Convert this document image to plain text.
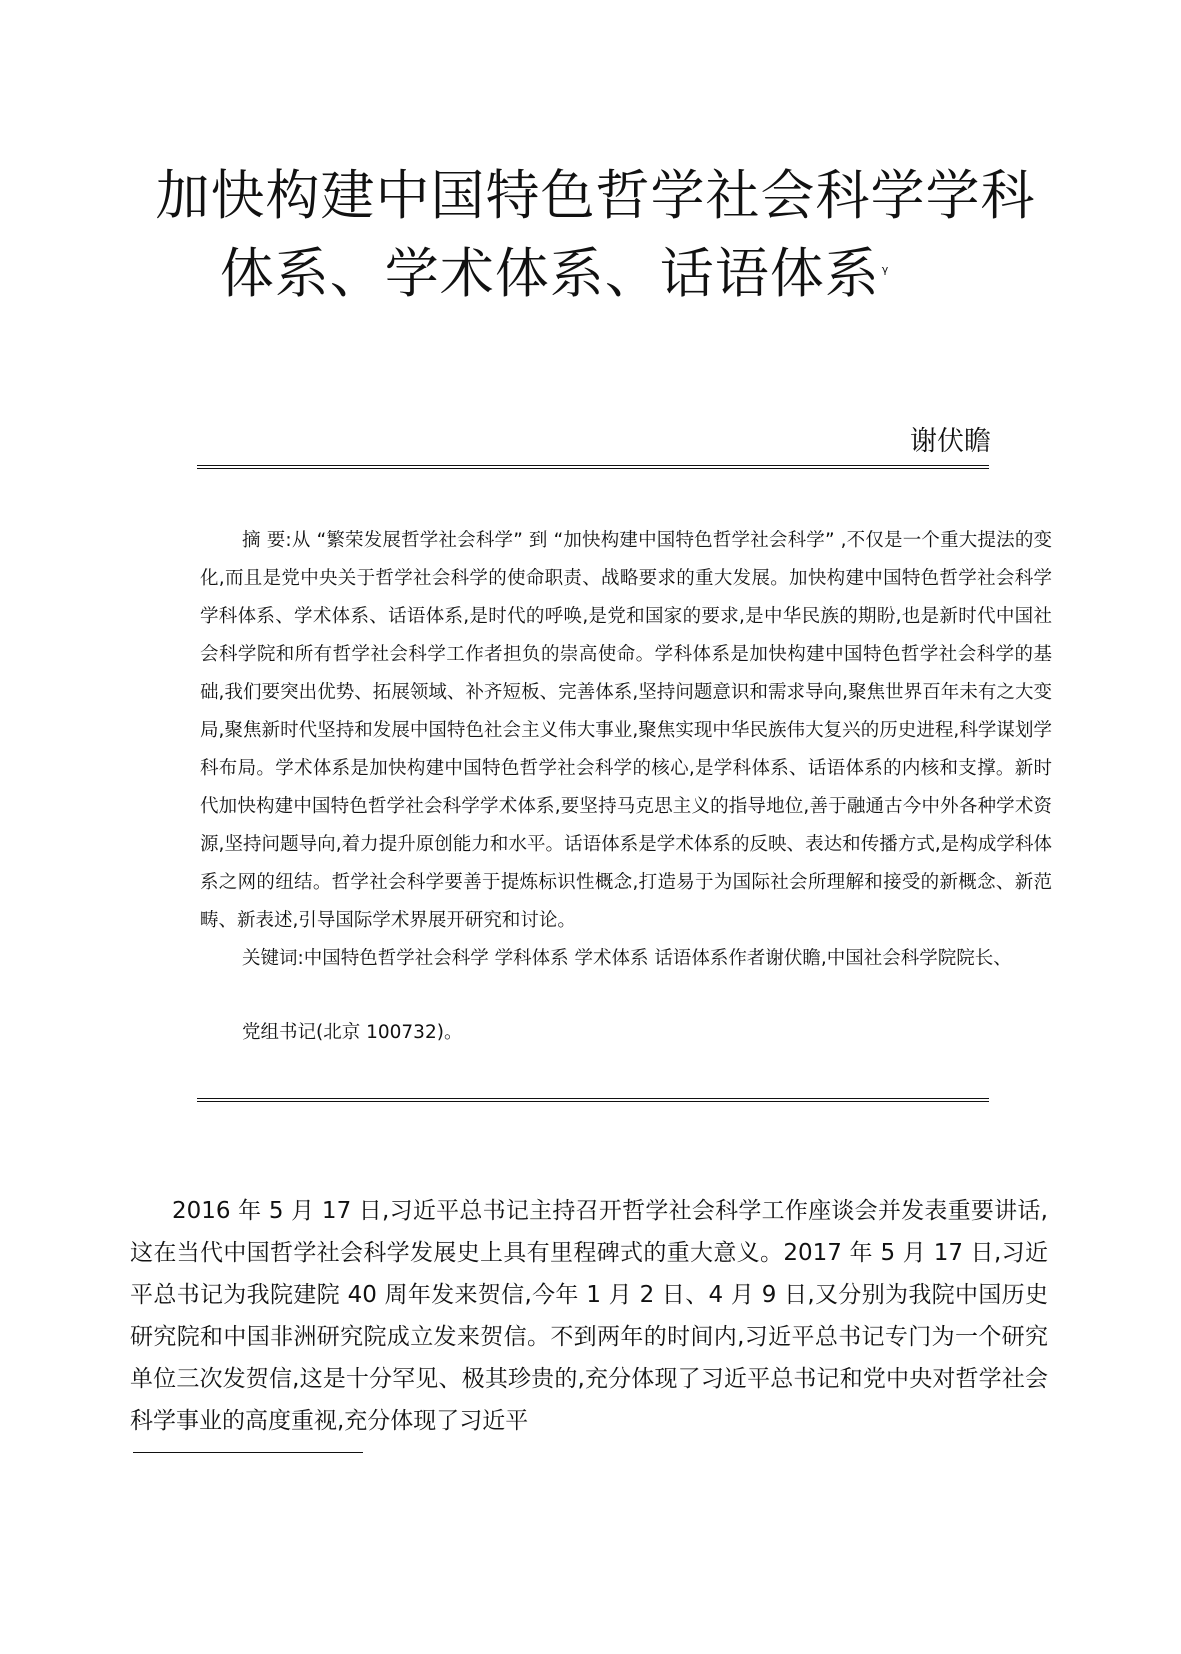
加快构建中国特色哲学社会科学学科
体系、学术体系、话语体系 $^\gamma$
谢伏瞻

摘 要:从 “繁荣发展哲学社会科学” 到 “加快构建中国特色哲学社会科学” ,不仅是一个重大提法的变化,而且是党中央关于哲学社会科学的使命职责、战略要求的重大发展。加快构建中国特色哲学社会科学学科体系、学术体系、话语体系,是时代的呼唤,是党和国家的要求,是中华民族的期盼,也是新时代中国社会科学院和所有哲学社会科学工作者担负的崇高使命。学科体系是加快构建中国特色哲学社会科学的基础,我们要突出优势、拓展领域、补齐短板、完善体系,坚持问题意识和需求导向,聚焦世界百年未有之大变局,聚焦新时代坚持和发展中国特色社会主义伟大事业,聚焦实现中华民族伟大复兴的历史进程,科学谋划学科布局。学术体系是加快构建中国特色哲学社会科学的核心,是学科体系、话语体系的内核和支撑。新时代加快构建中国特色哲学社会科学学术体系,要坚持马克思主义的指导地位,善于融通古今中外各种学术资源,坚持问题导向,着力提升原创能力和水平。话语体系是学术体系的反映、表达和传播方式,是构成学科体系之网的纽结。哲学社会科学要善于提炼标识性概念,打造易于为国际社会所理解和接受的新概念、新范畴、新表述,引导国际学术界展开研究和讨论。

关键词:中国特色哲学社会科学 学科体系 学术体系 话语体系作者谢伏瞻,中国社会科学院院长、
党组书记(北京 100732)。

2016 年 5 月 17 日,习近平总书记主持召开哲学社会科学工作座谈会并发表重要讲话,这在当代中国哲学社会科学发展史上具有里程碑式的重大意义。2017 年 5 月 17 日,习近平总书记为我院建院 40 周年发来贺信,今年 1 月 2 日、4 月 9 日,又分别为我院中国历史研究院和中国非洲研究院成立发来贺信。不到两年的时间内,习近平总书记专门为一个研究单位三次发贺信,这是十分罕见、极其珍贵的,充分体现了习近平总书记和党中央对哲学社会科学事业的高度重视,充分体现了习近平
